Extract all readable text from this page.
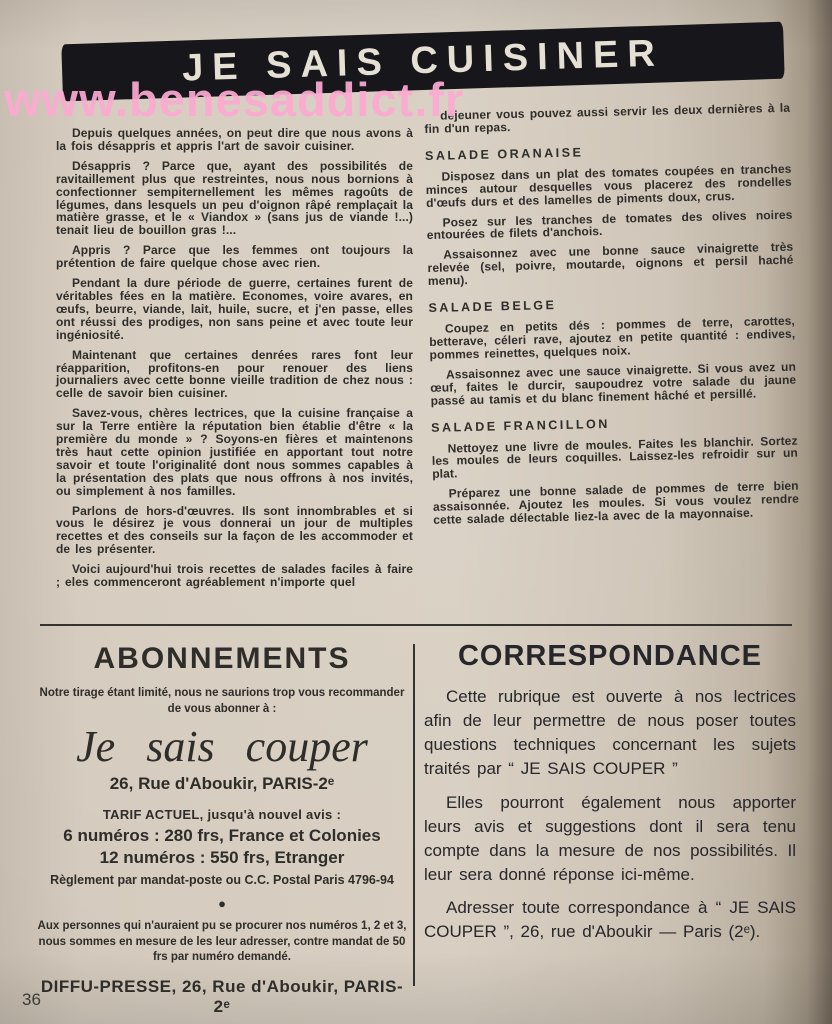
JE SAIS CUISINER
www.benesaddict.fr

Depuis quelques années, on peut dire que nous avons à la fois désappris et appris l'art de savoir cuisiner.

Désappris ? Parce que, ayant des possibilités de ravitaillement plus que restreintes, nous nous bornions à confectionner sempiternellement les mêmes ragoûts de légumes, dans lesquels un peu d'oignon râpé remplaçait la matière grasse, et le « Viandox » (sans jus de viande !...) tenait lieu de bouillon gras !...

Appris ? Parce que les femmes ont toujours la prétention de faire quelque chose avec rien.

Pendant la dure période de guerre, certaines furent de véritables fées en la matière. Economes, voire avares, en œufs, beurre, viande, lait, huile, sucre, et j'en passe, elles ont réussi des prodiges, non sans peine et avec toute leur ingéniosité.

Maintenant que certaines denrées rares font leur réapparition, profitons-en pour renouer des liens journaliers avec cette bonne vieille tradition de chez nous : celle de savoir bien cuisiner.

Savez-vous, chères lectrices, que la cuisine française a sur la Terre entière la réputation bien établie d'être « la première du monde » ? Soyons-en fières et maintenons très haut cette opinion justifiée en apportant tout notre savoir et toute l'originalité dont nous sommes capables à la présentation des plats que nous offrons à nos invités, ou simplement à nos familles.

Parlons de hors-d'œuvres. Ils sont innombrables et si vous le désirez je vous donnerai un jour de multiples recettes et des conseils sur la façon de les accommoder et de les présenter.

Voici aujourd'hui trois recettes de salades faciles à faire ; eles commenceront agréablement n'importe quel

déjeuner vous pouvez aussi servir les deux dernières à la fin d'un repas.

SALADE ORANAISE

Disposez dans un plat des tomates coupées en tranches minces autour desquelles vous placerez des rondelles d'œufs durs et des lamelles de piments doux, crus.

Posez sur les tranches de tomates des olives noires entourées de filets d'anchois.

Assaisonnez avec une bonne sauce vinaigrette très relevée (sel, poivre, moutarde, oignons et persil haché menu).

SALADE BELGE

Coupez en petits dés : pommes de terre, carottes, betterave, céleri rave, ajoutez en petite quantité : endives, pommes reinettes, quelques noix.

Assaisonnez avec une sauce vinaigrette. Si vous avez un œuf, faites le durcir, saupoudrez votre salade du jaune passé au tamis et du blanc finement hâché et persillé.

SALADE FRANCILLON

Nettoyez une livre de moules. Faites les blanchir. Sortez les moules de leurs coquilles. Laissez-les refroidir sur un plat.

Préparez une bonne salade de pommes de terre bien assaisonnée. Ajoutez les moules. Si vous voulez rendre cette salade délectable liez-la avec de la mayonnaise.

ABONNEMENTS
Notre tirage étant limité, nous ne saurions trop vous recommander de vous abonner à :
Je sais couper
26, Rue d'Aboukir, PARIS-2ᵉ
TARIF ACTUEL, jusqu'à nouvel avis :
6 numéros : 280 frs, France et Colonies
12 numéros : 550 frs, Etranger
Règlement par mandat-poste ou C.C. Postal Paris 4796-94
●
Aux personnes qui n'auraient pu se procurer nos numéros 1, 2 et 3, nous sommes en mesure de les leur adresser, contre mandat de 50 frs par numéro demandé.
DIFFU-PRESSE, 26, Rue d'Aboukir, PARIS-2ᵉ
CORRESPONDANCE

Cette rubrique est ouverte à nos lectrices afin de leur permettre de nous poser toutes questions techniques concernant les sujets traités par “ JE SAIS COUPER ”

Elles pourront également nous apporter leurs avis et suggestions dont il sera tenu compte dans la mesure de nos possibilités. Il leur sera donné réponse ici-même.

Adresser toute correspondance à “ JE SAIS COUPER ”, 26, rue d'Aboukir — Paris (2ᵉ).

36
